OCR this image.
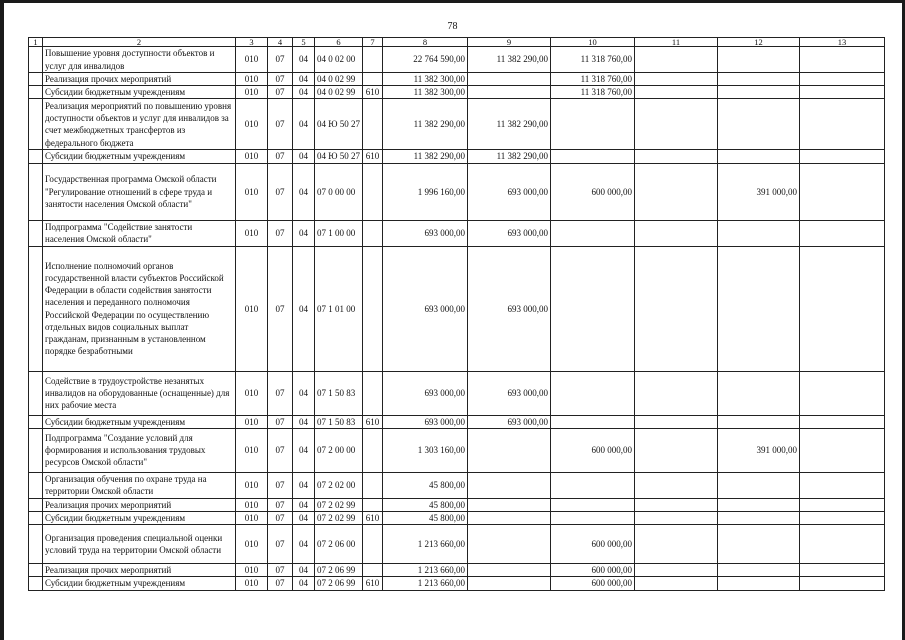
78
1	2	3	4	5	6	7	8	9	10	11	12	13
	Повышение уровня доступности объектов и услуг для инвалидов	010	07	04	04 0 02 00		22 764 590,00	11 382 290,00	11 318 760,00			
	Реализация прочих мероприятий	010	07	04	04 0 02 99		11 382 300,00		11 318 760,00			
	Субсидии бюджетным учреждениям	010	07	04	04 0 02 99	610	11 382 300,00		11 318 760,00			
	Реализация мероприятий по повышению уровня доступности объектов и услуг для инвалидов за счет межбюджетных трансфертов из федерального бюджета	010	07	04	04 Ю 50 27		11 382 290,00	11 382 290,00				
	Субсидии бюджетным учреждениям	010	07	04	04 Ю 50 27	610	11 382 290,00	11 382 290,00				
	Государственная программа Омской области "Регулирование отношений в сфере труда и занятости населения Омской области"	010	07	04	07 0 00 00		1 996 160,00	693 000,00	600 000,00		391 000,00	
	Подпрограмма "Содействие занятости населения Омской области"	010	07	04	07 1 00 00		693 000,00	693 000,00				
	Исполнение полномочий органов государственной власти субъектов Российской Федерации в области содействия занятости населения и переданного полномочия Российской Федерации по осуществлению отдельных видов социальных выплат гражданам, признанным в установленном порядке безработными	010	07	04	07 1 01 00		693 000,00	693 000,00				
	Содействие в трудоустройстве незанятых инвалидов на оборудованные (оснащенные) для них рабочие места	010	07	04	07 1 50 83		693 000,00	693 000,00				
	Субсидии бюджетным учреждениям	010	07	04	07 1 50 83	610	693 000,00	693 000,00				
	Подпрограмма "Создание условий для формирования и использования трудовых ресурсов Омской области"	010	07	04	07 2 00 00		1 303 160,00		600 000,00		391 000,00	
	Организация обучения по охране труда на территории Омской области	010	07	04	07 2 02 00		45 800,00					
	Реализация прочих мероприятий	010	07	04	07 2 02 99		45 800,00					
	Субсидии бюджетным учреждениям	010	07	04	07 2 02 99	610	45 800,00					
	Организация проведения специальной оценки условий труда на территории Омской области	010	07	04	07 2 06 00		1 213 660,00		600 000,00			
	Реализация прочих мероприятий	010	07	04	07 2 06 99		1 213 660,00		600 000,00			
	Субсидии бюджетным учреждениям	010	07	04	07 2 06 99	610	1 213 660,00		600 000,00			
